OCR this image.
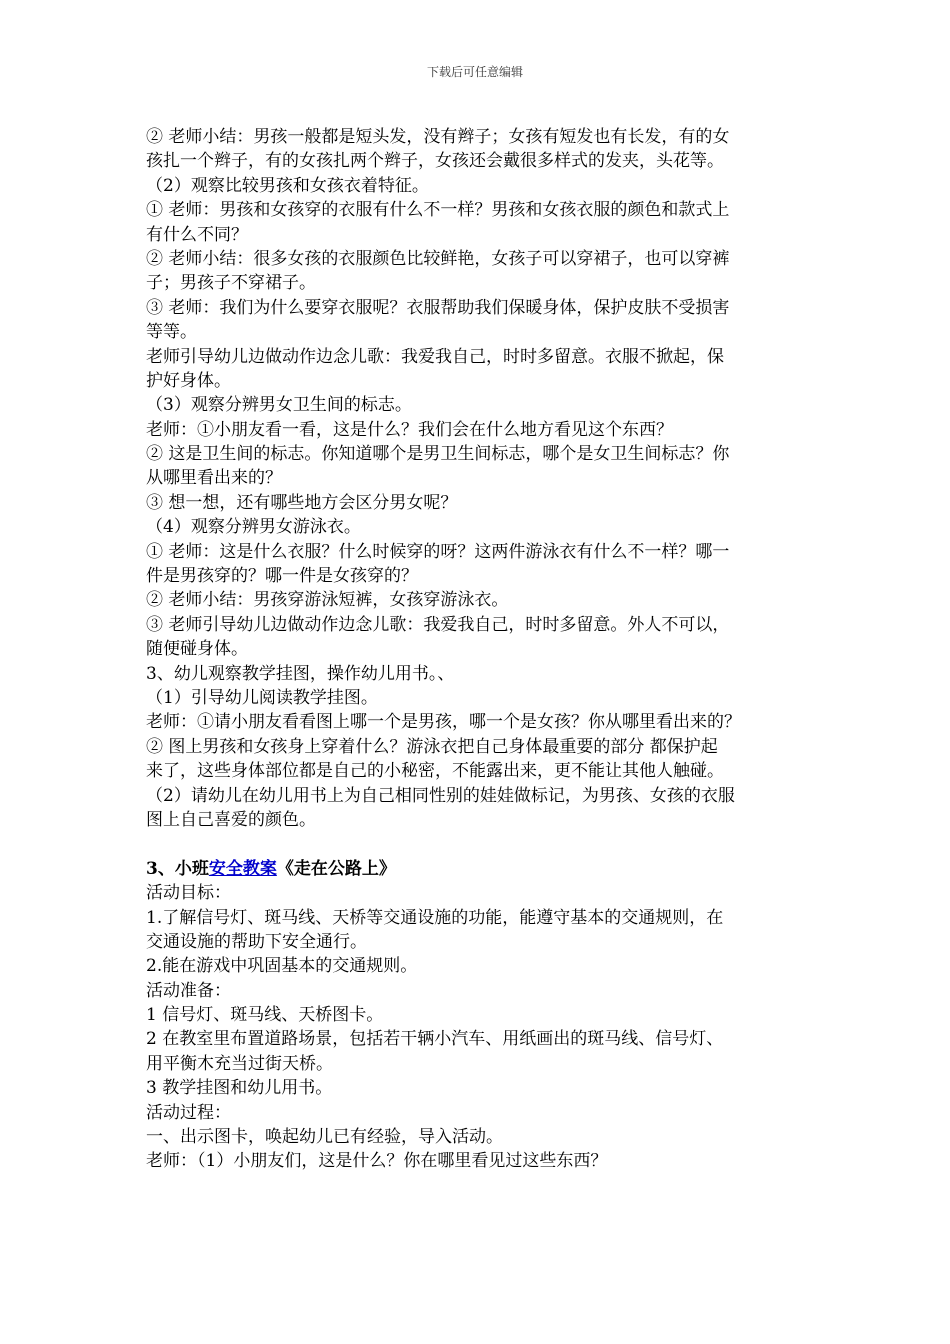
下载后可任意编辑
② 老师小结：男孩一般都是短头发，没有辫子；女孩有短发也有长发，有的女
孩扎一个辫子，有的女孩扎两个辫子，女孩还会戴很多样式的发夹，头花等。
（2）观察比较男孩和女孩衣着特征。
① 老师：男孩和女孩穿的衣服有什么不一样？男孩和女孩衣服的颜色和款式上
有什么不同？
② 老师小结：很多女孩的衣服颜色比较鲜艳，女孩子可以穿裙子，也可以穿裤
子；男孩子不穿裙子。
③ 老师：我们为什么要穿衣服呢？衣服帮助我们保暖身体，保护皮肤不受损害
等等。
老师引导幼儿边做动作边念儿歌：我爱我自己，时时多留意。衣服不掀起，保
护好身体。
（3）观察分辨男女卫生间的标志。
老师：①小朋友看一看，这是什么？我们会在什么地方看见这个东西？
② 这是卫生间的标志。你知道哪个是男卫生间标志，哪个是女卫生间标志？你
从哪里看出来的？
③ 想一想，还有哪些地方会区分男女呢？
（4）观察分辨男女游泳衣。
① 老师：这是什么衣服？什么时候穿的呀？这两件游泳衣有什么不一样？哪一
件是男孩穿的？哪一件是女孩穿的？
② 老师小结：男孩穿游泳短裤，女孩穿游泳衣。
③ 老师引导幼儿边做动作边念儿歌：我爱我自己，时时多留意。外人不可以，
随便碰身体。
3、幼儿观察教学挂图，操作幼儿用书。、
（1）引导幼儿阅读教学挂图。
老师：①请小朋友看看图上哪一个是男孩，哪一个是女孩？你从哪里看出来的？
② 图上男孩和女孩身上穿着什么？游泳衣把自己身体最重要的部分 都保护起
来了，这些身体部位都是自己的小秘密，不能露出来，更不能让其他人触碰。
（2）请幼儿在幼儿用书上为自己相同性别的娃娃做标记，为男孩、女孩的衣服
图上自己喜爱的颜色。
3、小班安全教案《走在公路上》
活动目标：
1.了解信号灯、斑马线、天桥等交通设施的功能，能遵守基本的交通规则，在
交通设施的帮助下安全通行。
2.能在游戏中巩固基本的交通规则。
活动准备：
1 信号灯、斑马线、天桥图卡。
2 在教室里布置道路场景，包括若干辆小汽车、用纸画出的斑马线、信号灯、
用平衡木充当过街天桥。
3 教学挂图和幼儿用书。
活动过程：
一、出示图卡，唤起幼儿已有经验，导入活动。
老师：（1）小朋友们，这是什么？你在哪里看见过这些东西？
